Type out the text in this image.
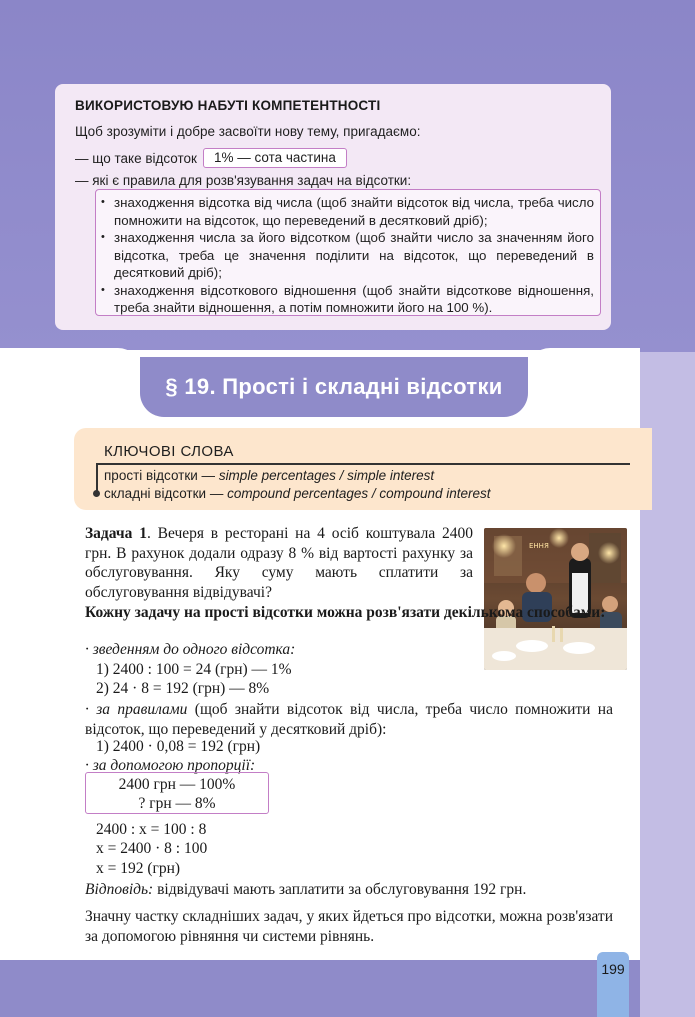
ВИКОРИСТОВУЮ НАБУТІ КОМПЕТЕНТНОСТІ
Щоб зрозуміти і добре засвоїти нову тему, пригадаємо:
— що таке відсоток	1% — сота частина
— які є правила для розв'язування задач на відсотки:
• знаходження відсотка від числа (щоб знайти відсоток від числа, треба число помножити на відсоток, що переведений в десятковий дріб);
• знаходження числа за його відсотком (щоб знайти число за значенням його відсотка, треба це значення поділити на відсоток, що переведений в десятковий дріб);
• знаходження відсоткового відношення (щоб знайти відсоткове відношення, треба знайти відношення, а потім помножити його на 100 %).
§ 19. Прості і складні відсотки
КЛЮЧОВІ СЛОВА
прості відсотки — simple percentages / simple interest
складні відсотки — compound percentages / compound interest
Задача 1. Вечеря в ресторані на 4 осіб коштувала 2400 грн. В рахунок додали одразу 8 % від вартості рахунку за обслуговування. Яку суму мають сплатити за обслуговування відвідувачі?
ЕННЯ
Кожну задачу на прості відсотки можна розв'язати декількома способами:
· зведенням до одного відсотка:
1) 2400 : 100 = 24 (грн) — 1%
2) 24 · 8 = 192 (грн) — 8%
· за правилами (щоб знайти відсоток від числа, треба число помножити на відсоток, що переведений у десятковий дріб):
1) 2400 · 0,08 = 192 (грн)
· за допомогою пропорції:
2400 грн — 100%
? грн — 8%
2400 : x = 100 : 8
x = 2400 · 8 : 100
x = 192 (грн)
Відповідь: відвідувачі мають заплатити за обслуговування 192 грн.
Значну частку складніших задач, у яких йдеться про відсотки, можна розв'язати за допомогою рівняння чи системи рівнянь.
199
